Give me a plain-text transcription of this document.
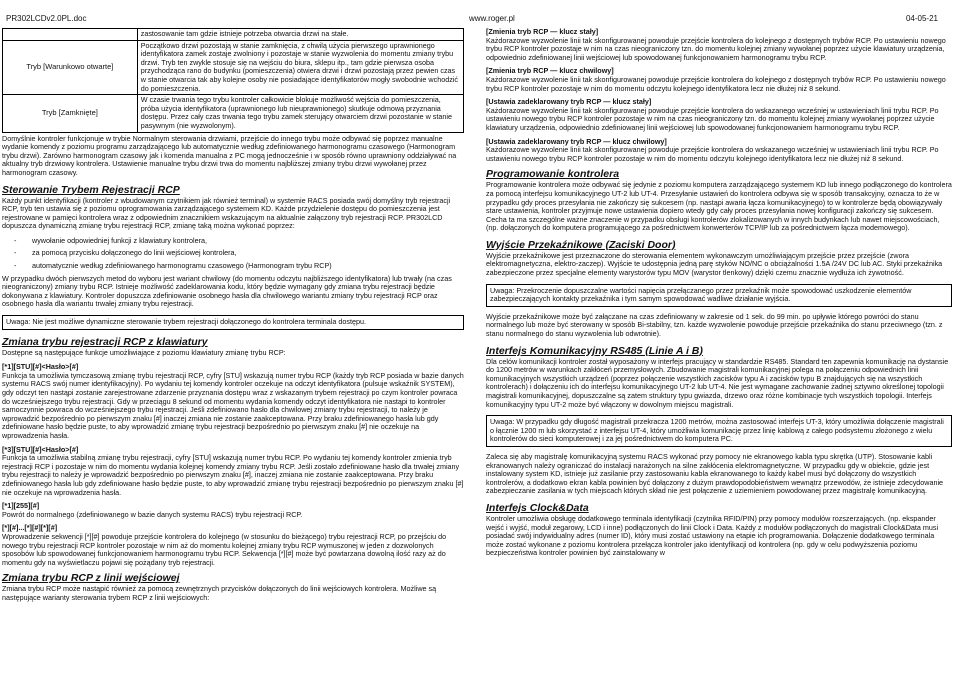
PR302LCDv2.0PL.doc	www.roger.pl	04-05-21
	zastosowanie tam gdzie istnieje potrzeba otwarcia drzwi na stałe.
Tryb [Warunkowo otwarte]	Początkowo drzwi pozostają w stanie zamknięcia, z chwilą użycia pierwszego uprawnionego identyfikatora zamek zostaje zwolniony i pozostaje w stanie wyzwolenia do momentu zmiany trybu drzwi. Tryb ten zwykle stosuje się na wejściu do biura, sklepu itp., tam gdzie pierwsza osoba przychodząca rano do budynku (pomieszczenia) otwiera drzwi i drzwi pozostają przez pewien czas w stanie otwarcia tak aby kolejne osoby nie posiadające identyfikatorów mogły swobodnie wchodzić do pomieszczenia.
Tryb [Zamknięte]	W czasie trwania tego trybu kontroler całkowicie blokuje możliwość wejścia do pomieszczenia, próba użycia identyfikatora (uprawnionego lub nieuprawnionego) skutkuje odmową przyznania dostępu. Przez cały czas trwania tego trybu zamek sterujący otwarciem drzwi pozostanie w stanie pasywnym (nie wyzwolonym).

Domyślnie kontroler funkcjonuje w trybie Normalnym sterowania drzwiami, przejście do innego trybu może odbywać się poprzez manualne wydanie komendy z poziomu programu zarządzającego lub automatycznie według zdefiniowanego harmonogramu czasowego (Harmonogram trybu drzwi). Zarówno harmonogram czasowy jak i komenda manualna z PC mogą jednocześnie i w sposób równo uprawniony oddziaływać na aktualny tryb drzwiowy kontrolera. Ustawienie manualne trybu drzwi trwa do momentu najbliższej zmiany trybu drzwi wywołanej przez harmonogram czasowy.

Sterowanie Trybem Rejestracji RCP

Każdy punkt identyfikacji (kontroler z wbudowanym czytnikiem jak również terminal) w systemie RACS posiada swój domyślny tryb rejestracji RCP, tryb ten ustawia się z poziomu oprogramowania zarządzającego systemem KD. Każde przydzielenie dostępu do pomieszczenia jest rejestrowane w pamięci kontrolera wraz z odpowiednim znacznikiem wskazującym na aktualnie załączony tryb rejestracji RCP. PR302LCD dopuszcza dynamiczną zmianę trybu rejestracji RCP, zmianę taką można wykonać poprzez:

- wywołanie odpowiedniej funkcji z klawiatury kontrolera,
- za pomocą przycisku dołączonego do linii wejściowej kontrolera,
- automatycznie według zdefiniowanego harmonogramu czasowego (Harmonogram trybu RCP)

W przypadku dwóch pierwszych metod do wyboru jest wariant chwilowy (do momentu odczytu najbliższego identyfikatora) lub trwały (na czas nieograniczony) zmiany trybu RCP. Istnieje możliwość zadeklarowania kodu, który będzie wymagany gdy zmiana trybu rejestracji będzie dokonywana z klawiatury. Kontroler dopuszcza zdefiniowanie osobnego hasła dla chwilowego wariantu zmiany trybu rejestracji RCP oraz osobnego hasła dla wariantu trwałej zmiany trybu rejestracji.

Uwaga: Nie jest możliwe dynamiczne sterowanie trybem rejestracji dołączonego do kontrolera terminala dostępu.
Zmiana trybu rejestracji RCP z klawiatury

Dostępne są następujące funkcje umożliwiające z poziomu klawiatury zmianę trybu RCP:

[*1][STU][#]<Hasło>[#]
Funkcja ta umożliwia tymczasową zmianę trybu rejestracji RCP, cyfry [STU] wskazują numer trybu RCP (każdy tryb RCP posiada w bazie danych systemu RACS swój numer identyfikacyjny). Po wydaniu tej komendy kontroler oczekuje na odczyt identyfikatora (pulsuje wskaźnik SYSTEM), gdy odczyt ten nastąpi zostanie zarejestrowane zdarzenie przyznania dostępu wraz z wskazanym trybem rejestracji po czym kontroler powraca do wcześniejszego trybu rejestracji. Gdy w przeciągu 8 sekund od momentu wydania komendy odczyt identyfikatora nie nastąpi to kontroler samoczynnie powraca do wcześniejszego trybu rejestracji. Jeśli zdefiniowano hasło dla chwilowej zmiany trybu rejestracji, to należy je wprowadzić bezpośrednio po pierwszym znaku [#] inaczej zmiana nie zostanie zaakceptowana. Przy braku zdefiniowanego hasła lub gdy zdefiniowane hasło będzie puste, to aby wprowadzić zmianę trybu rejestracji bezpośrednio po pierwszym znaku [#] nie oczekuje na wprowadzenia hasła.
[*3][STU][#]<Hasło>[#]
Funkcja ta umożliwia stabilną zmianę trybu rejestracji, cyfry [STU] wskazują numer trybu RCP. Po wydaniu tej komendy kontroler zmienia tryb rejestracji RCP i pozostaje w nim do momentu wydania kolejnej komendy zmiany trybu RCP. Jeśli zostało zdefiniowane hasło dla trwałej zmiany trybu rejestracji to należy je wprowadzić bezpośrednio po pierwszym znaku [#], inaczej zmiana nie zostanie zaakceptowana. Przy braku zdefiniowanego hasła lub gdy zdefiniowane hasło będzie puste, to aby wprowadzić zmianę trybu rejestracji bezpośrednio po pierwszym znaku [#] nie oczekuje na wprowadzenia hasła.
[*1][255][#]
Powrót do normalnego (zdefiniowanego w bazie danych systemu RACS) trybu rejestracji RCP.
[*][#]...[*][#][*][#]
Wprowadzenie sekwencji [*][#] powoduje przejście kontrolera do kolejnego (w stosunku do bieżącego) trybu rejestracji RCP, po przejściu do nowego trybu rejestracji RCP kontroler pozostaje w nim aż do momentu kolejnej zmiany trybu RCP wymuszonej w jeden z dozwolonych sposobów lub spowodowanej funkcjonowaniem harmonogramu trybu RCP. Sekwencja [*][#] może być powtarzana dowolną ilość razy aż do momentu gdy na wyświetlaczu pojawi się pożądany tryb rejestracji.
Zmiana trybu RCP z linii wejściowej

Zmiana trybu RCP może nastąpić również za pomocą zewnętrznych przycisków dołączonych do linii wejściowych kontrolera. Możliwe są następujące warianty sterowania trybem RCP z linii wejściowych:

[Zmienia tryb RCP — klucz stały]
Każdorazowe wyzwolenie linii tak skonfigurowanej powoduje przejście kontrolera do kolejnego z dostępnych trybów RCP. Po ustawieniu nowego trybu RCP kontroler pozostaje w nim na czas nieograniczony tzn. do momentu kolejnej zmiany wywołanej poprzez użycie klawiatury urządzenia, odpowiednio zdefiniowanej linii wejściowej lub spowodowanej funkcjonowaniem harmonogramu trybu RCP.
[Zmienia tryb RCP — klucz chwilowy]
Każdorazowe wyzwolenie linii tak skonfigurowanej powoduje przejście kontrolera do kolejnego z dostępnych trybów RCP. Po ustawieniu nowego trybu RCP kontroler pozostaje w nim do momentu odczytu kolejnego identyfikatora lecz nie dłużej niż 8 sekund.
[Ustawia zadeklarowany tryb RCP — klucz stały]
Każdorazowe wyzwolenie linii tak skonfigurowanej powoduje przejście kontrolera do wskazanego wcześniej w ustawieniach linii trybu RCP. Po ustawieniu nowego trybu RCP kontroler pozostaje w nim na czas nieograniczony tzn. do momentu kolejnej zmiany wywołanej poprzez użycie klawiatury urządzenia, odpowiednio zdefiniowanej linii wejściowej lub spowodowanej funkcjonowaniem harmonogramu trybu RCP.
[Ustawia zadeklarowany tryb RCP — klucz chwilowy]
Każdorazowe wyzwolenie linii tak skonfigurowanej powoduje przejście kontrolera do wskazanego wcześniej w ustawieniach linii trybu RCP. Po ustawieniu nowego trybu RCP kontroler pozostaje w nim do momentu odczytu kolejnego identyfikatora lecz nie dłużej niż 8 sekund.
Programowanie kontrolera

Programowanie kontrolera może odbywać się jedynie z poziomu komputera zarządzającego systemem KD lub innego podłączonego do kontrolera za pomocą interfejsu komunikacyjnego UT-2 lub UT-4. Przesyłanie ustawień do kontrolera odbywa się w sposób transakcyjny, oznacza to że w przypadku gdy proces przesyłania nie zakończy się sukcesem (np. nastąpi awaria łącza komunikacyjnego) to w kontrolerze będą obowiązywały stare ustawienia, kontroler przyjmuje nowe ustawienia dopiero wtedy gdy cały proces przesyłania nowej konfiguracji zakończy się sukcesem. Cecha ta ma szczególne ważne znaczenie w przypadku obsługi kontrolerów zlokalizowanych w innych budynkach lub nawet miejscowościach, (np. dołączonych do komputera programującego za pośrednictwem konwerterów TCP/IP lub za pośrednictwem łącza modemowego).

Wyjście Przekaźnikowe (Zaciski Door)

Wyjście przekaźnikowe jest przeznaczone do sterowania elementem wykonawczym umożliwiającym przejście przez przejście (zwora elektromagnetyczna, elektro-zaczep). Wyjście te udostępnia jedną parę styków NO/NC o obciążalności 1.5A /24V DC lub AC. Styki przekaźnika zabezpieczone przez specjalne elementy warystorów typu MOV (warystor tlenkowy) dzięki czemu znacznie wydłuża ich żywotność.

Uwaga: Przekroczenie dopuszczalne wartości napięcia przełączanego przez przekaźnik może spowodować uszkodzenie elementów zabezpieczających kontakty przekaźnika i tym samym spowodować wadliwe działanie wyjścia.

Wyjście przekaźnikowe może być załączane na czas zdefiniowany w zakresie od 1 sek. do 99 min. po upływie którego powróci do stanu normalnego lub może być sterowany w sposób Bi-stabilny, tzn. każde wyzwolenie powoduje przejście przekaźnika do stanu przeciwnego (tzn. z stanu normalnego do stanu wyzwolenia lub odwrotnie).

Interfejs Komunikacyjny RS485 (Linie A i B)

Dla celów komunikacji kontroler został wyposażony w interfejs pracujący w standardzie RS485. Standard ten zapewnia komunikację na dystansie do 1200 metrów w warunkach zakłóceń przemysłowych. Zbudowanie magistrali komunikacyjnej polega na połączeniu odpowiednich linii komunikacyjnych wszystkich urządzeń (poprzez połączenie wszystkich zacisków typu A i zacisków typu B znajdujących się na wszystkich kontrolerach) i dołączeniu ich do interfejsu komunikacyjnego UT-2 lub UT-4. Nie jest wymagane zachowanie żadnej sztywno określonej topologii magistrali komunikacyjnej, dopuszczalne są zatem struktury typu gwiazda, drzewo oraz różne kombinacje tych wszystkich topologii. Interfejs komunikacyjny typu UT-2 może być włączony w dowolnym miejscu magistrali.

Uwaga: W przypadku gdy długość magistrali przekracza 1200 metrów, można zastosować interfejs UT-3, który umożliwia dołączenie magistrali o łącznie 1200 m lub skorzystać z interfejsu UT-4, który umożliwia komunikację przez linię kablową z całego podsystemu złożonego z wielu kontrolerów do sieci komputerowej i za jej pośrednictwem do komputera PC.

Zaleca się aby magistralę komunikacyjną systemu RACS wykonać przy pomocy nie ekranowego kabla typu skrętka (UTP). Stosowanie kabli ekranowanych należy ograniczać do instalacji narażonych na silne zakłócenia elektromagnetyczne. W przypadku gdy w obiekcie, gdzie jest instalowany system KD, istnieje już zasilanie przy zastosowaniu kabla ekranowanego to każdy kabel musi być dołączony do wszystkich kontrolerów, a dodatkowo ekran kabla powinien być dołączony z dużym prawdopodobieństwem wewnątrz przewodów, że istnieje zdecydowanie zabezpieczanie zasilania w tych miejscach których skład nie jest połączenie z uziemieniem powodowanej przez magistralę komunikacyjną.

Interfejs Clock&Data

Kontroler umożliwia obsługę dodatkowego terminala identyfikacji (czytnika RFID/PIN) przy pomocy modułów rozszerzających. (np. ekspander wejść i wyjść, moduł zegarowy, LCD i inne) podłączonych do linii Clock i Data. Każdy z modułów podłączonych do magistrali Clock&Data musi posiadać swój indywidualny adres (numer ID), który musi zostać ustawiony na etapie ich programowania. Dołączenie dodatkowego terminala może zostać wykonane z poziomu kontrolera przełącza kontroler jako identyfikacji od kontrolera (np. gdy w celu podwyższenia poziomu bezpieczeństwa kontroler powinien być zainstalowany w
